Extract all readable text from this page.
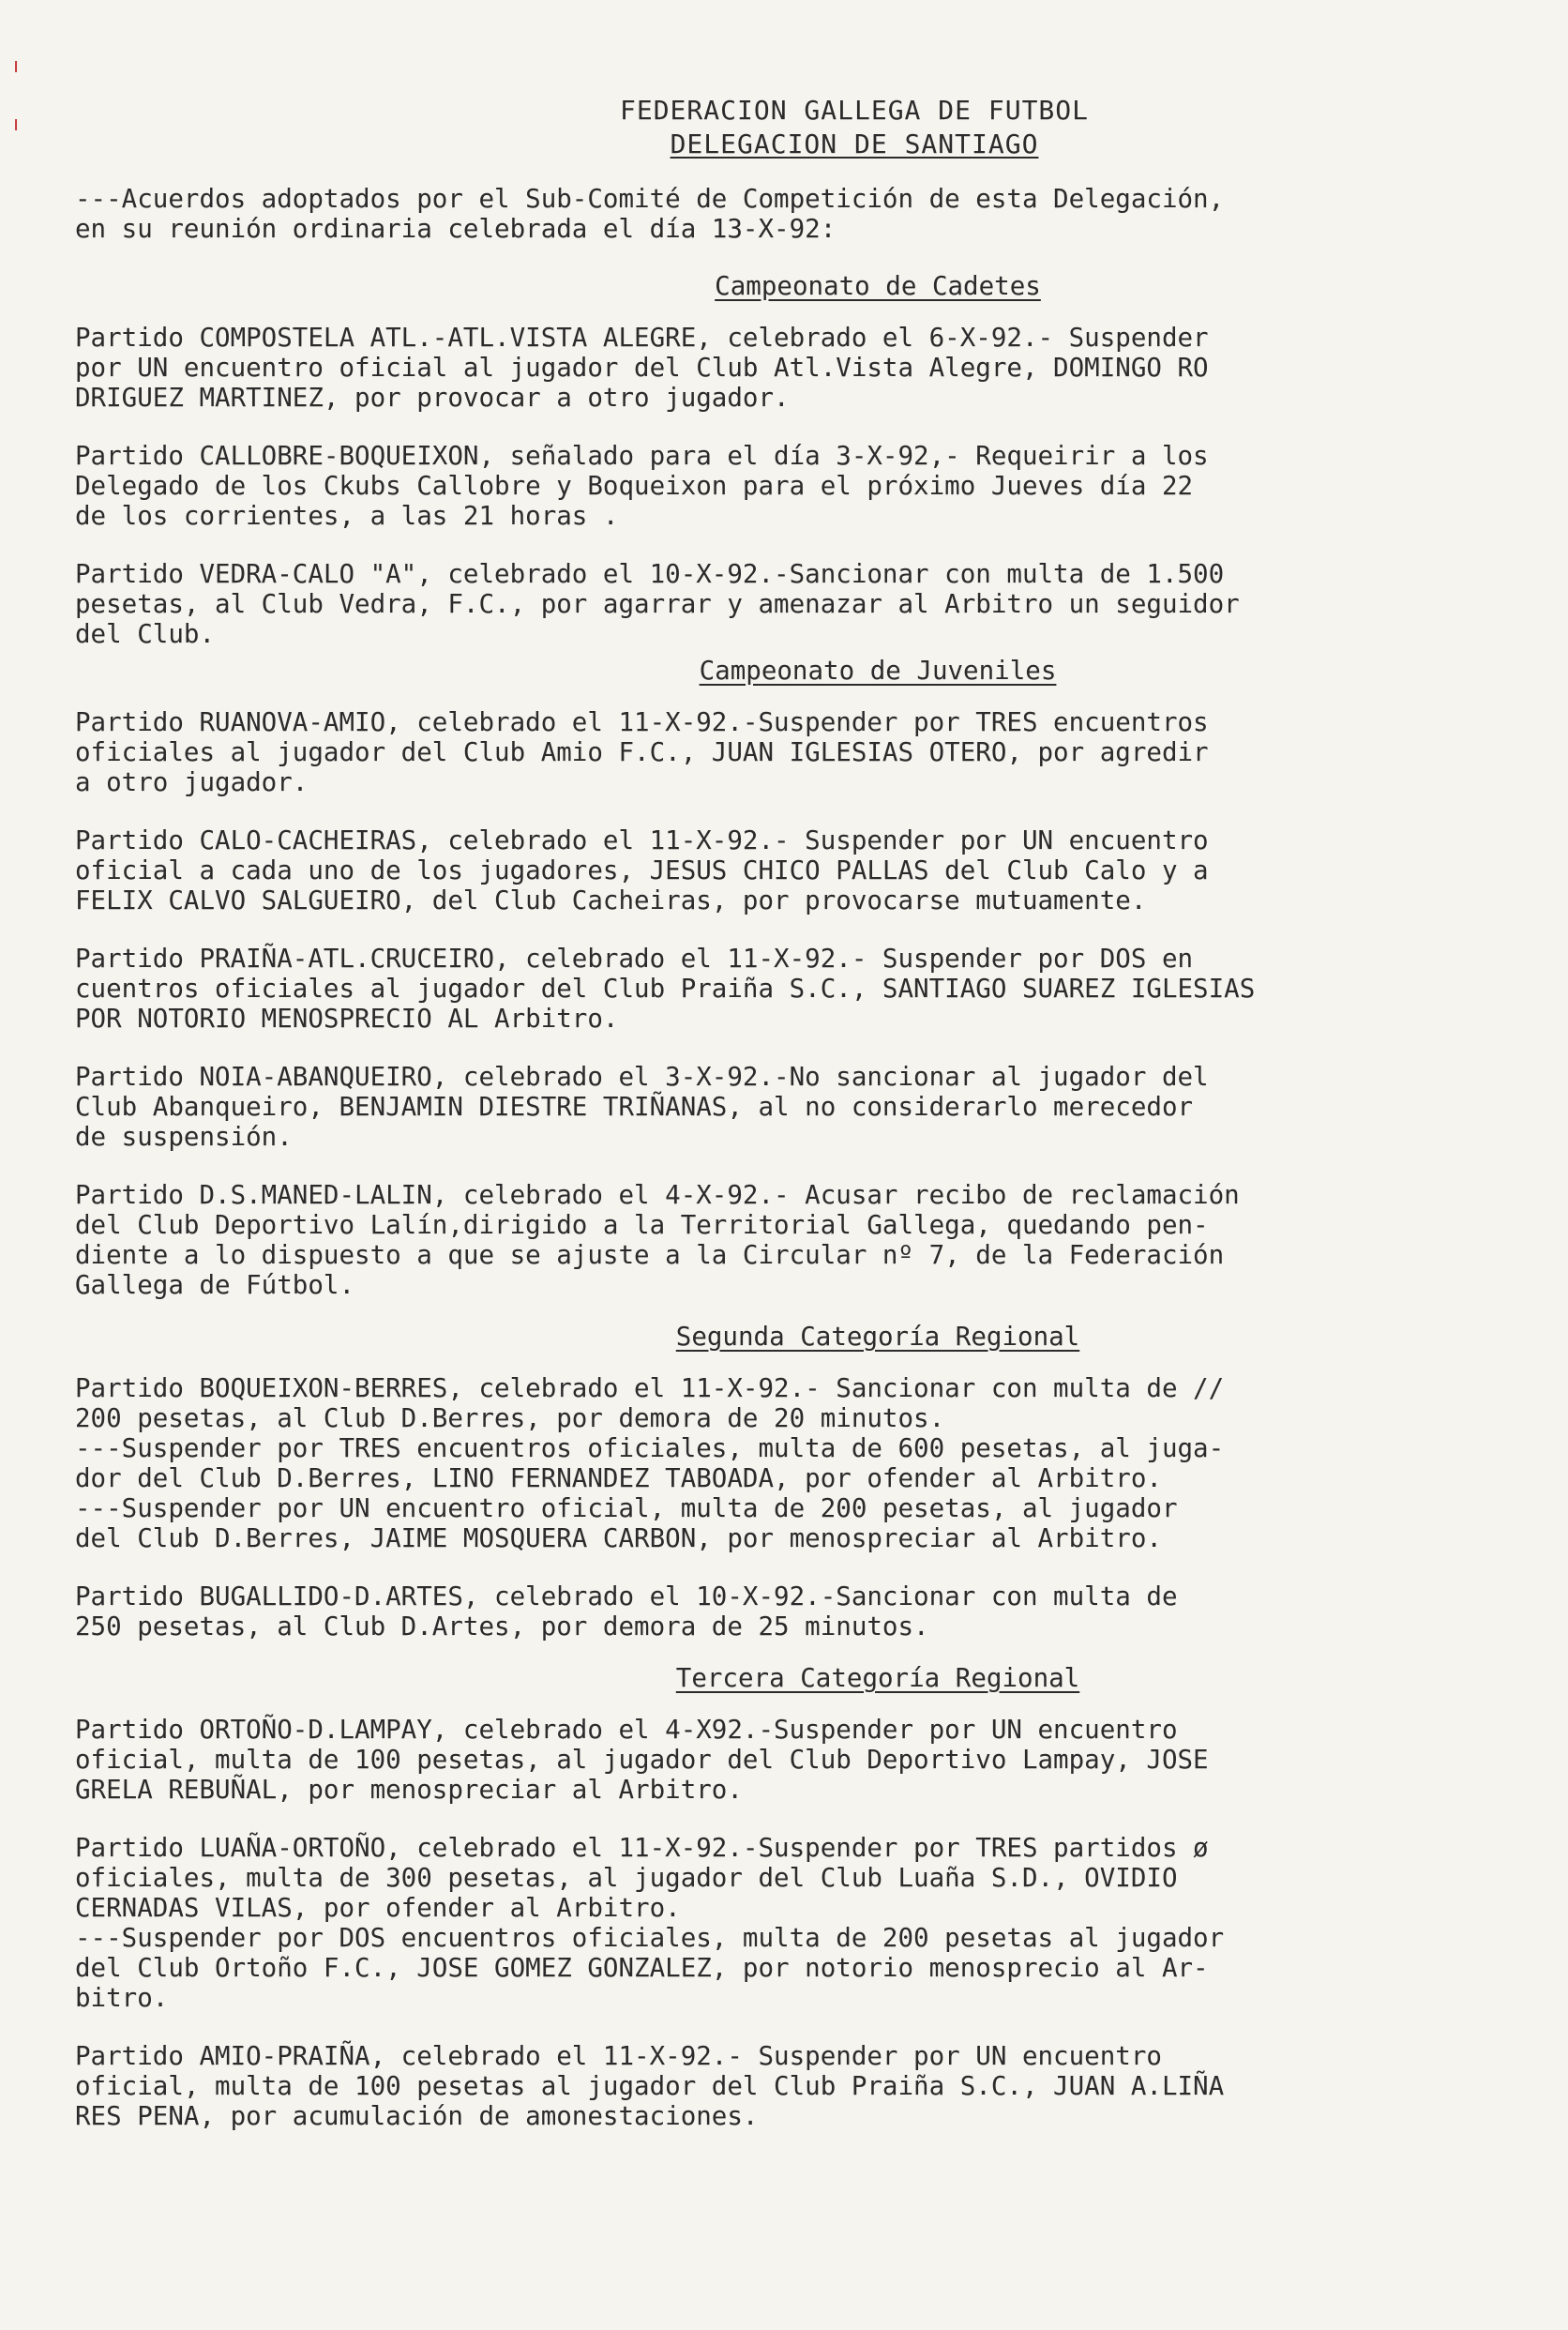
ı
ı	FEDERACION GALLEGA DE FUTBOL
DELEGACION DE SANTIAGO
---Acuerdos adoptados por el Sub-Comité de Competición de esta Delegación,
en su reunión ordinaria celebrada el día 13-X-92:
Campeonato de Cadetes
Partido COMPOSTELA ATL.-ATL.VISTA ALEGRE, celebrado el 6-X-92.- Suspender
por UN encuentro oficial al jugador del Club Atl.Vista Alegre, DOMINGO RO
DRIGUEZ MARTINEZ, por provocar a otro jugador.
Partido CALLOBRE-BOQUEIXON, señalado para el día 3-X-92,- Requeirir a los
Delegado de los Ckubs Callobre y Boqueixon para el próximo Jueves día 22
de los corrientes, a las 21 horas .
Partido VEDRA-CALO "A", celebrado el 10-X-92.-Sancionar con multa de 1.500
pesetas, al Club Vedra, F.C., por agarrar y amenazar al Arbitro un seguidor
del Club.
Campeonato de Juveniles
Partido RUANOVA-AMIO, celebrado el 11-X-92.-Suspender por TRES encuentros
oficiales al jugador del Club Amio F.C., JUAN IGLESIAS OTERO, por agredir
a otro jugador.
Partido CALO-CACHEIRAS, celebrado el 11-X-92.- Suspender por UN encuentro
oficial a cada uno de los jugadores, JESUS CHICO PALLAS del Club Calo y a
FELIX CALVO SALGUEIRO, del Club Cacheiras, por provocarse mutuamente.
Partido PRAIÑA-ATL.CRUCEIRO, celebrado el 11-X-92.- Suspender por DOS en
cuentros oficiales al jugador del Club Praiña S.C., SANTIAGO SUAREZ IGLESIAS
POR NOTORIO MENOSPRECIO AL Arbitro.
Partido NOIA-ABANQUEIRO, celebrado el 3-X-92.-No sancionar al jugador del
Club Abanqueiro, BENJAMIN DIESTRE TRIÑANAS, al no considerarlo merecedor
de suspensión.
Partido D.S.MANED-LALIN, celebrado el 4-X-92.- Acusar recibo de reclamación
del Club Deportivo Lalín,dirigido a la Territorial Gallega, quedando pen-
diente a lo dispuesto a que se ajuste a la Circular nº 7, de la Federación
Gallega de Fútbol.
Segunda Categoría Regional
Partido BOQUEIXON-BERRES, celebrado el 11-X-92.- Sancionar con multa de //
200 pesetas, al Club D.Berres, por demora de 20 minutos.
---Suspender por TRES encuentros oficiales, multa de 600 pesetas, al juga-
dor del Club D.Berres, LINO FERNANDEZ TABOADA, por ofender al Arbitro.
---Suspender por UN encuentro oficial, multa de 200 pesetas, al jugador
del Club D.Berres, JAIME MOSQUERA CARBON, por menospreciar al Arbitro.
Partido BUGALLIDO-D.ARTES, celebrado el 10-X-92.-Sancionar con multa de
250 pesetas, al Club D.Artes, por demora de 25 minutos.
Tercera Categoría Regional
Partido ORTOÑO-D.LAMPAY, celebrado el 4-X92.-Suspender por UN encuentro
oficial, multa de 100 pesetas, al jugador del Club Deportivo Lampay, JOSE
GRELA REBUÑAL, por menospreciar al Arbitro.
Partido LUAÑA-ORTOÑO, celebrado el 11-X-92.-Suspender por TRES partidos ø
oficiales, multa de 300 pesetas, al jugador del Club Luaña S.D., OVIDIO
CERNADAS VILAS, por ofender al Arbitro.
---Suspender por DOS encuentros oficiales, multa de 200 pesetas al jugador
del Club Ortoño F.C., JOSE GOMEZ GONZALEZ, por notorio menosprecio al Ar-
bitro.
Partido AMIO-PRAIÑA, celebrado el 11-X-92.- Suspender por UN encuentro
oficial, multa de 100 pesetas al jugador del Club Praiña S.C., JUAN A.LIÑA
RES PENA, por acumulación de amonestaciones.
